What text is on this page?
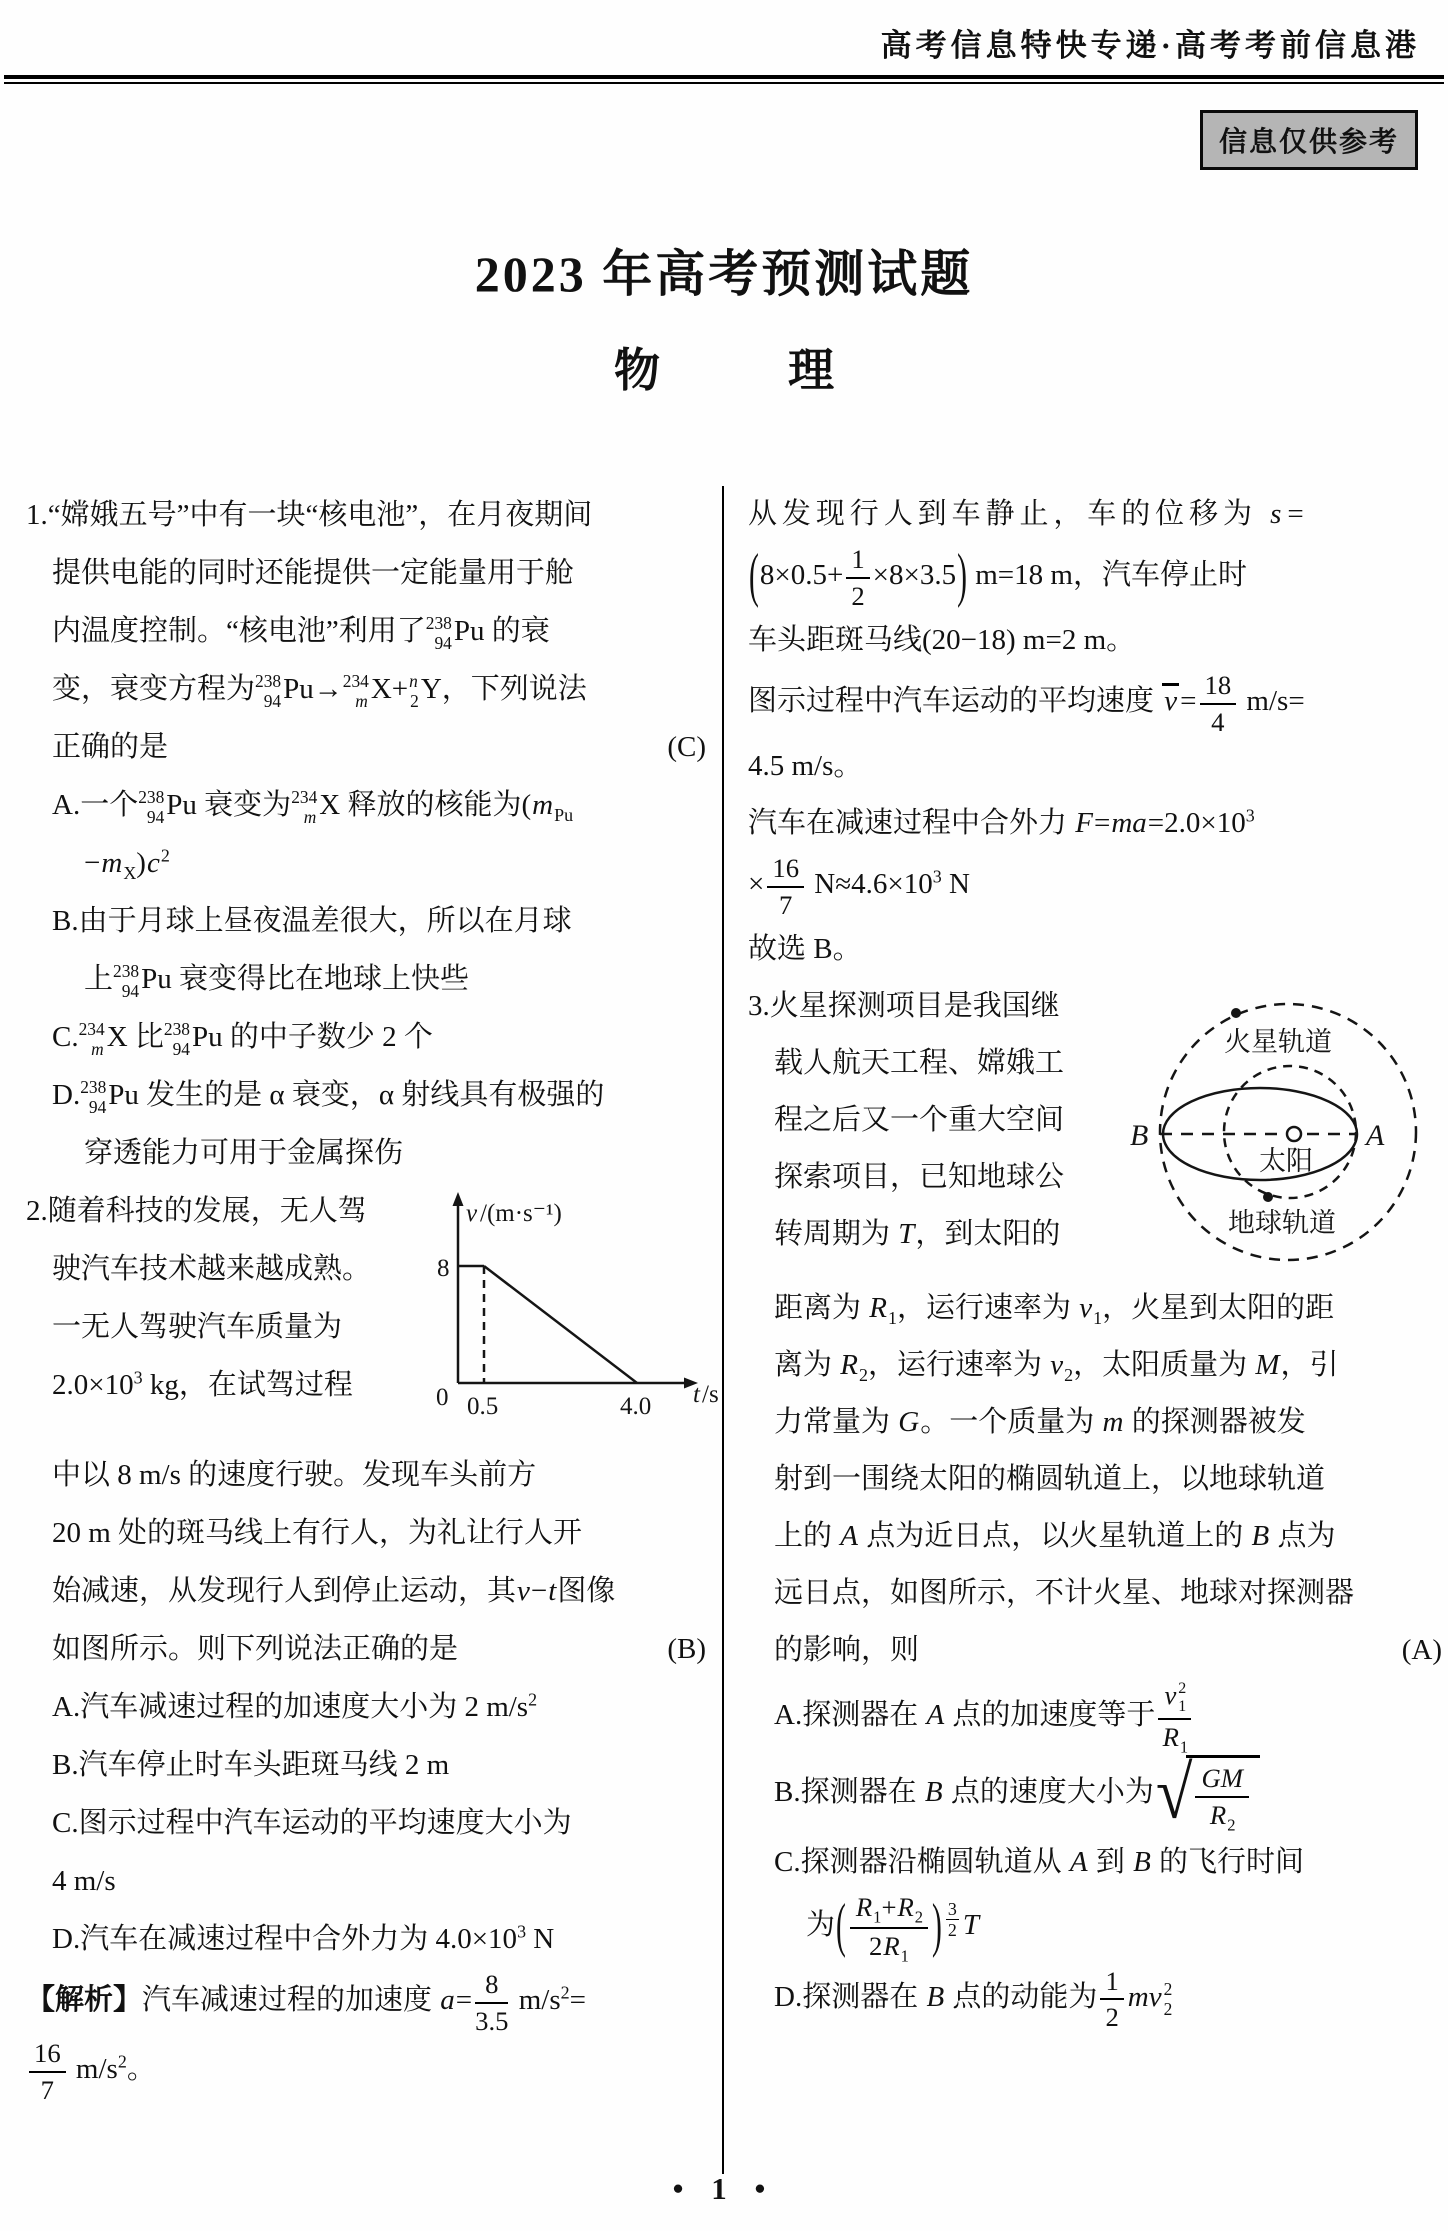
高考信息特快专递·高考考前信息港
信息仅供参考
2023 年高考预测试题
物	理
1.“嫦娥五号”中有一块“核电池”，在月夜期间
提供电能的同时还能提供一定能量用于舱
内温度控制。“核电池”利用了 238
94 Pu 的衰
变，衰变方程为 238
94 Pu→ 234
m X+ n
2 Y，下列说法
正确的是	(C)
A.一个 238
94 Pu 衰变为 234
m X 释放的核能为($m_{Pu}$
$-m_X)c^2$
B.由于月球上昼夜温差很大，所以在月球
上 238
94 Pu 衰变得比在地球上快些
C. 234
m X 比 238
94 Pu 的中子数少 2 个
D. 238
94 Pu 发生的是 α 衰变，α 射线具有极强的
穿透能力可用于金属探伤
v /(m·s⁻¹)
8
0 0.5	4.0 t /s
2.随着科技的发展，无人驾
驶汽车技术越来越成熟。
一无人驾驶汽车质量为
$2.0\times 10^3$ kg，在试驾过程
中以 8 m/s 的速度行驶。发现车头前方
20 m 处的斑马线上有行人，为礼让行人开
始减速，从发现行人到停止运动，其v−t图像
如图所示。则下列说法正确的是	(B)
A.汽车减速过程的加速度大小为 2 $m/s^2$
B.汽车停止时车头距斑马线 2 m
C.图示过程中汽车运动的平均速度大小为
4 m/s
D.汽车在减速过程中合外力为 $4.0\times 10^3$ N
【解析】汽车减速过程的加速度 $a= \frac{8}{3.5} m/s^2=$
$\frac{16}{7} m/s^2$。
从发现行人到车静止，车的位移为 s=
$(8\times 0.5+ \frac{1}{2} \times 8\times 3.5)$ m=18 m，汽车停止时
车头距斑马线(20−18) m=2 m。
图示过程中汽车运动的平均速度 $v = \frac{18}{4} m/s=$
4.5 m/s。
汽车在减速过程中合外力 $F=ma=2.0\times 10^3$
× $\frac{16}{7} N\approx 4.6\times 10^3$ N
故选 B。
火星轨道
太阳
地球轨道
B	A
3.火星探测项目是我国继
载人航天工程、嫦娥工
程之后又一个重大空间
探索项目，已知地球公
转周期为 T，到太阳的
距离为 $R_1$，运行速率为 $v_1$，火星到太阳的距
离为 $R_2$，运行速率为 $v_2$，太阳质量为 M，引
力常量为 G。一个质量为 m 的探测器被发
射到一围绕太阳的椭圆轨道上，以地球轨道
上的 A 点为近日点，以火星轨道上的 B 点为
远日点，如图所示，不计火星、地球对探测器
的影响，则	(A)
A.探测器在 A 点的加速度等于 v 2
1
$R_1$
B.探测器在 B 点的速度大小为 √ $\frac{GM}{R_2}$
C.探测器沿椭圆轨道从 A 到 B 的飞行时间
为( $\frac{R_1+R_2}{2R_1}$ ) $^{\frac{3}{2}}$ T
D.探测器在 B 点的动能为 $\frac{1}{2}$ mv 2
2
• 1 •
